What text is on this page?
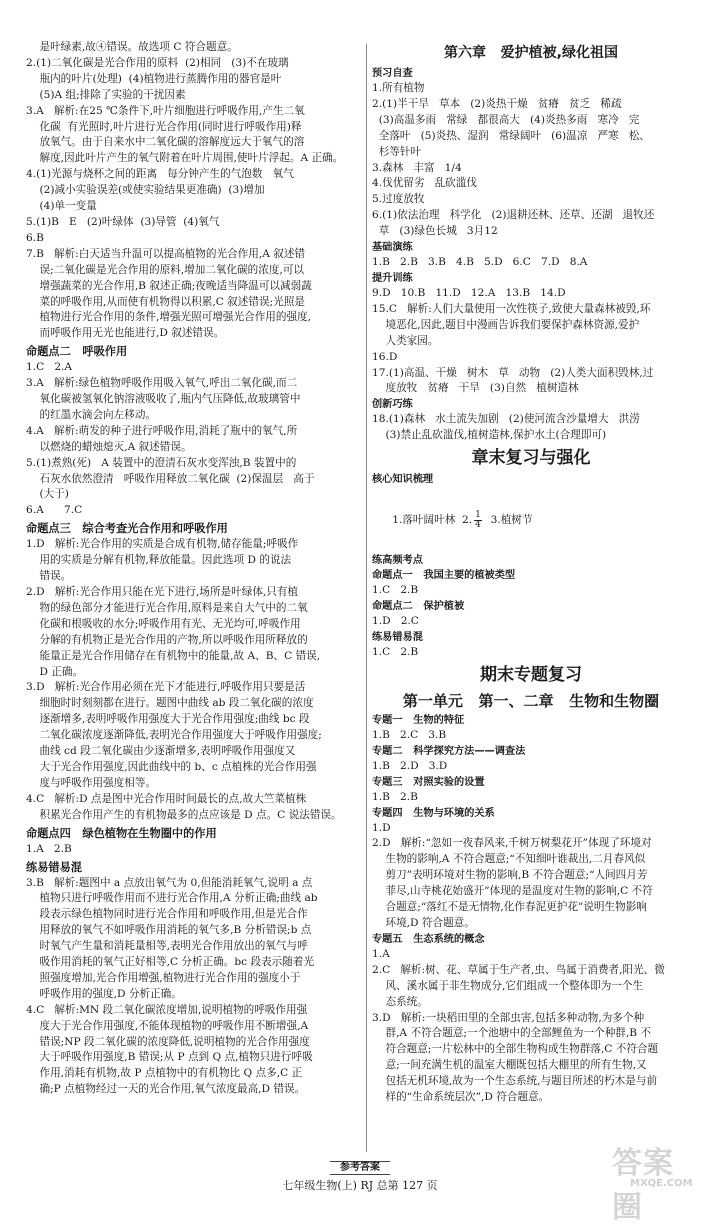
是叶绿素,故④错误。故选项 C 符合题意。
2.(1)二氧化碳是光合作用的原料  (2)相同   (3)不在玻璃
瓶内的叶片(处理)  (4)植物进行蒸腾作用的器官是叶
(5)A 组;排除了实验的干扰因素
3.A   解析:在25 ℃条件下,叶片细胞进行呼吸作用,产生二氧
化碳  有光照时,叶片进行光合作用(同时进行呼吸作用)释
放氧气。由于自来水中二氧化碳的溶解度远大于氧气的溶
解度,因此叶片产生的氧气附着在叶片周围,使叶片浮起。A 正确。
4.(1)光源与烧杯之间的距离   每分钟产生的气泡数   氧气
(2)减小实验误差(或使实验结果更准确)  (3)增加
(4)单一变量
5.(1)B   E   (2)叶绿体  (3)导管  (4)氧气
6.B
7.B   解析:白天适当升温可以提高植物的光合作用,A 叙述错
误;二氧化碳是光合作用的原料,增加二氧化碳的浓度,可以
增强蔬菜的光合作用,B 叙述正确;夜晚适当降温可以减弱蔬
菜的呼吸作用,从而使有机物得以积累,C 叙述错误;光照是
植物进行光合作用的条件,增强光照可增强光合作用的强度,
而呼吸作用无光也能进行,D 叙述错误。
命题点二   呼吸作用
1.C   2.A
3.A   解析:绿色植物呼吸作用吸入氧气,呼出二氧化碳,而二
氧化碳被氢氧化钠溶液吸收了,瓶内气压降低,故玻璃管中
的红墨水滴会向左移动。
4.A   解析:萌发的种子进行呼吸作用,消耗了瓶中的氧气,所
以燃烧的蜡烛熄灭,A 叙述错误。
5.(1)煮熟(死)   A 装置中的澄清石灰水变浑浊,B 装置中的
石灰水依然澄清   呼吸作用释放二氧化碳  (2)保温层   高于
(大于)
6.A      7.C
命题点三   综合考查光合作用和呼吸作用
1.D   解析:光合作用的实质是合成有机物,储存能量;呼吸作
用的实质是分解有机物,释放能量。因此选项 D 的说法
错误。
2.D   解析:光合作用只能在光下进行,场所是叶绿体,只有植
物的绿色部分才能进行光合作用,原料是来自大气中的二氧
化碳和根吸收的水分;呼吸作用有光、无光均可,呼吸作用
分解的有机物正是光合作用的产物,所以呼吸作用所释放的
能量正是光合作用储存在有机物中的能量,故 A、B、C 错误,
D 正确。
3.D   解析:光合作用必须在光下才能进行,呼吸作用只要是活
细胞时时刻刻都在进行。题图中曲线 ab 段二氧化碳的浓度
逐渐增多,表明呼吸作用强度大于光合作用强度;曲线 bc 段
二氧化碳浓度逐渐降低,表明光合作用强度大于呼吸作用强度;
曲线 cd 段二氧化碳由少逐渐增多,表明呼吸作用强度又
大于光合作用强度,因此曲线中的 b、c 点植株的光合作用强
度与呼吸作用强度相等。
4.C   解析:D 点是图中光合作用时间最长的点,故大竺菜植株
积累光合作用产生的有机物最多的点应该是 D 点。C 说法错误。
命题点四   绿色植物在生物圈中的作用
1.A   2.B
练易错易混
3.B   解析:题图中 a 点放出氧气为 0,但能消耗氧气,说明 a 点
植物只进行呼吸作用而不进行光合作用,A 分析正确;曲线 ab
段表示绿色植物同时进行光合作用和呼吸作用,但是光合作
用释放的氧气不如呼吸作用消耗的氧气多,B 分析错误;b 点
时氧气产生量和消耗量相等,表明光合作用放出的氧气与呼
吸作用消耗的氧气正好相等,C 分析正确。bc 段表示随着光
照强度增加,光合作用增强,植物进行光合作用的强度小于
呼吸作用的强度,D 分析正确。
4.C   解析:MN 段二氧化碳浓度增加,说明植物的呼吸作用强
度大于光合作用强度,不能体现植物的呼吸作用不断增强,A
错误;NP 段二氧化碳的浓度降低,说明植物的光合作用强度
大于呼吸作用强度,B 错误;从 P 点到 Q 点,植物只进行呼吸
作用,消耗有机物,故 P 点植物中的有机物比 Q 点多,C 正
确;P 点植物经过一天的光合作用,氧气浓度最高,D 错误。
第六章   爱护植被,绿化祖国
预习自查
1.所有植物
2.(1)半干旱   草本   (2)炎热干燥   贫瘠   贫乏   稀疏
(3)高温多雨   常绿   都很高大   (4)炎热多雨   寒冷   完
全落叶   (5)炎热、湿润   常绿阔叶   (6)温凉   严寒   松、
杉等针叶
3.森林   丰富   1/4
4.伐优留劣   乱砍滥伐
5.过度放牧
6.(1)依法治理   科学化   (2)退耕还林、还草、还湖   退牧还
草   (3)绿色长城   3月12
基础演练
1.B   2.B   3.B   4.B   5.D   6.C   7.D   8.A
提升训练
9.D   10.B   11.D   12.A   13.B   14.D
15.C   解析:人们大量使用一次性筷子,致使大量森林被毁,环
境恶化,因此,题目中漫画告诉我们要保护森林资源,爱护
人类家园。
16.D
17.(1)高温、干燥   树木   草   动物   (2)人类大面积毁林,过
度放牧   贫瘠   干旱   (3)自然   植树造林
创新巧练
18.(1)森林   水土流失加剧   (2)使河流含沙量增大   洪涝
(3)禁止乱砍滥伐,植树造林,保护水土(合理即可)
章末复习与强化
核心知识梳理

1.落叶阔叶林  2. $\frac{1}{4} 3$.植树节

练高频考点
命题点一   我国主要的植被类型
1.C   2.B
命题点二   保护植被
1.D   2.C
练易错易混
1.C   2.B
期末专题复习
第一单元   第一、二章   生物和生物圈
专题一   生物的特征
1.B   2.C   3.B
专题二   科学探究方法——调查法
1.B   2.D   3.D
专题三   对照实验的设置
1.B   2.B
专题四   生物与环境的关系
1.D
2.D   解析:“忽如一夜春风来,千树万树梨花开”体现了环境对
生物的影响,A 不符合题意;“不知细叶谁裁出,二月春风似
剪刀”表明环境对生物的影响,B 不符合题意;“人间四月芳
菲尽,山寺桃花始盛开”体现的是温度对生物的影响,C 不符
合题意;“落红不是无情物,化作春泥更护花”说明生物影响
环境,D 符合题意。
专题五   生态系统的概念
1.A
2.C   解析:树、花、草属于生产者,虫、鸟属于消费者,阳光、微
风、溪水属于非生物成分,它们组成一个整体即为一个生
态系统。
3.D   解析:一块稻田里的全部虫害,包括多种动物,为多个种
群,A 不符合题意;一个池塘中的全部鲤鱼为一个种群,B 不
符合题意;一片松林中的全部生物构成生物群落,C 不符合题
意;一间充满生机的温室大棚既包括大棚里的所有生物,又
包括无机环境,故为一个生态系统,与题目所述的朽木是与前
样的“生命系统层次”,D 符合题意。
参考答案
七年级生物(上) RJ 总第 127 页
答案圈
MXQE.COM
